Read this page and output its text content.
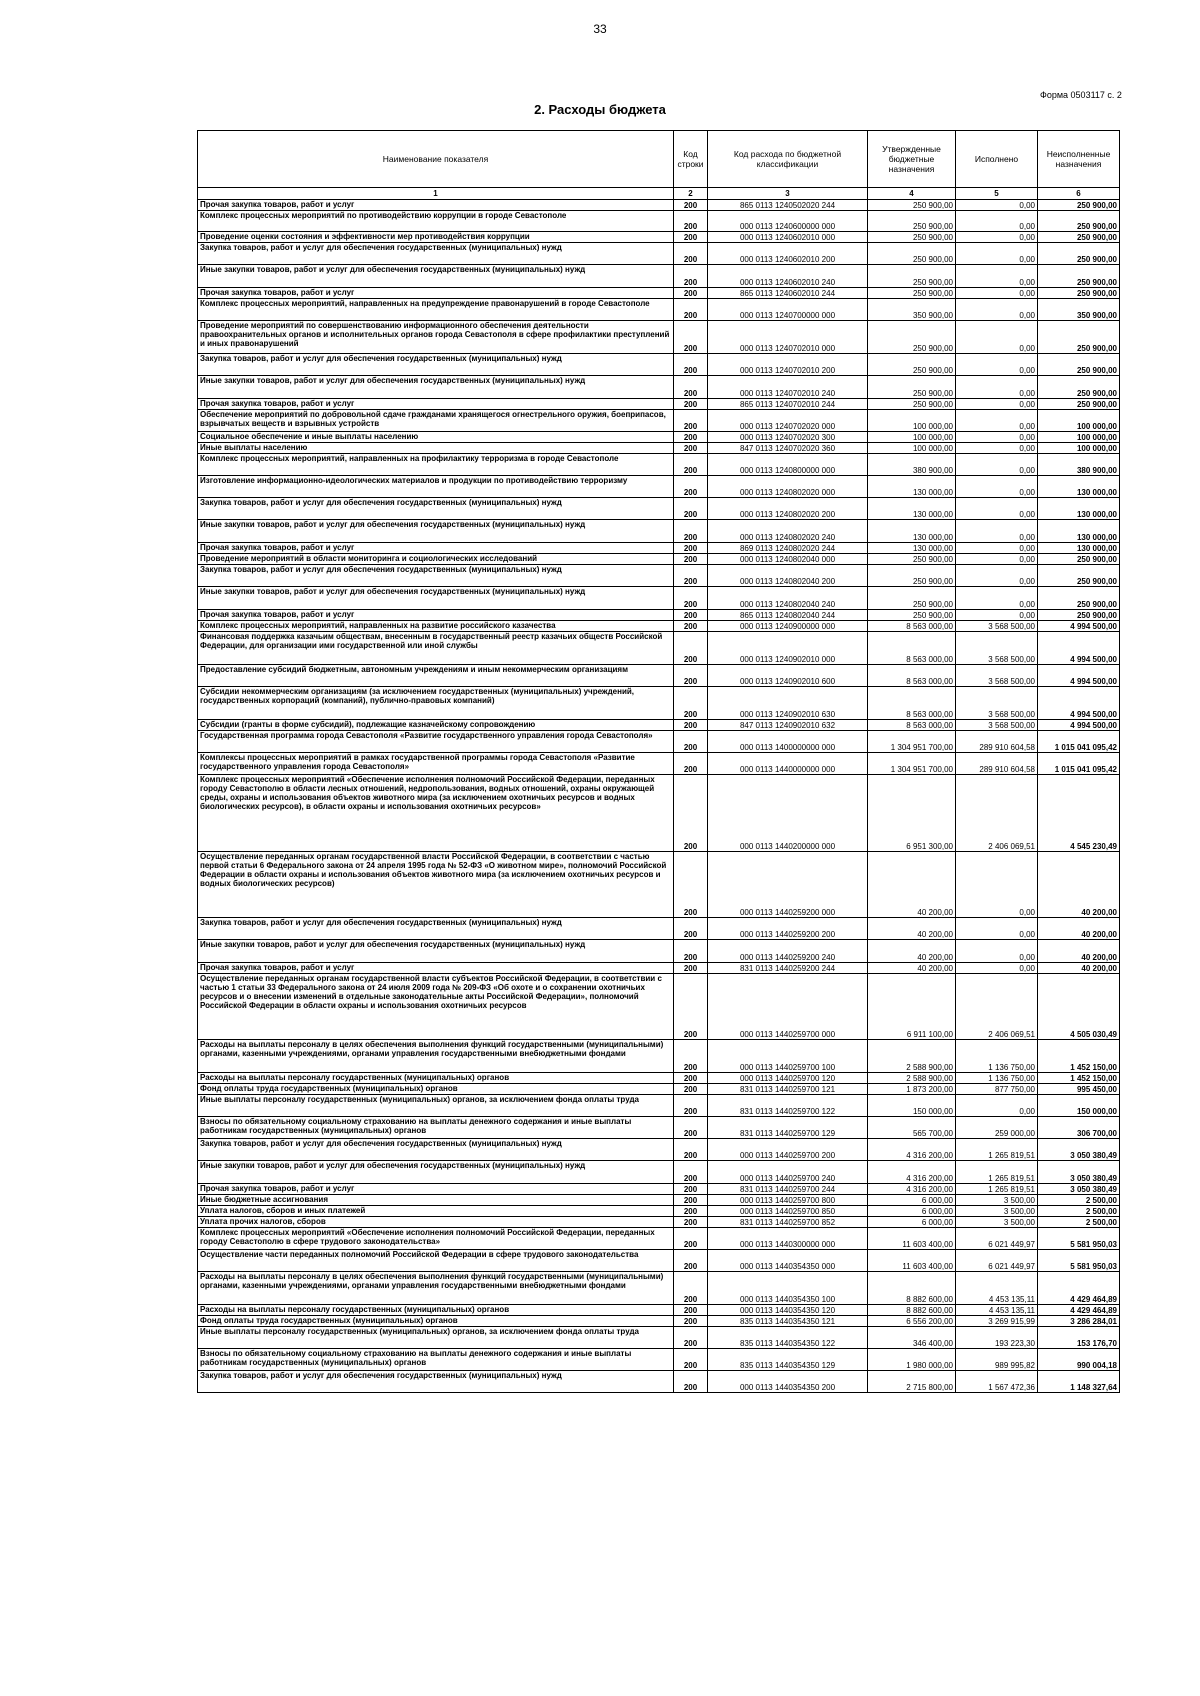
33
Форма 0503117 с. 2
2. Расходы бюджета
Наименование показателя	Код строки	Код расхода по бюджетной классификации	Утвержденные бюджетные назначения	Исполнено	Неисполненные назначения
1	2	3	4	5	6
Прочая закупка товаров, работ и услуг	200	865 0113 1240502020 244	250 900,00	0,00	250 900,00
Комплекс процессных мероприятий по противодействию коррупции в городе Севастополе	200	000 0113 1240600000 000	250 900,00	0,00	250 900,00
Проведение оценки состояния и эффективности мер противодействия коррупции	200	000 0113 1240602010 000	250 900,00	0,00	250 900,00
Закупка товаров, работ и услуг для обеспечения государственных (муниципальных) нужд	200	000 0113 1240602010 200	250 900,00	0,00	250 900,00
Иные закупки товаров, работ и услуг для обеспечения государственных (муниципальных) нужд	200	000 0113 1240602010 240	250 900,00	0,00	250 900,00
Прочая закупка товаров, работ и услуг	200	865 0113 1240602010 244	250 900,00	0,00	250 900,00
Комплекс процессных мероприятий, направленных на предупреждение правонарушений в городе Севастополе	200	000 0113 1240700000 000	350 900,00	0,00	350 900,00
Проведение мероприятий по совершенствованию информационного обеспечения деятельности правоохранительных органов и исполнительных органов города Севастополя в сфере профилактики преступлений и иных правонарушений	200	000 0113 1240702010 000	250 900,00	0,00	250 900,00
Закупка товаров, работ и услуг для обеспечения государственных (муниципальных) нужд	200	000 0113 1240702010 200	250 900,00	0,00	250 900,00
Иные закупки товаров, работ и услуг для обеспечения государственных (муниципальных) нужд	200	000 0113 1240702010 240	250 900,00	0,00	250 900,00
Прочая закупка товаров, работ и услуг	200	865 0113 1240702010 244	250 900,00	0,00	250 900,00
Обеспечение мероприятий по добровольной сдаче гражданами хранящегося огнестрельного оружия, боеприпасов, взрывчатых веществ и взрывных устройств	200	000 0113 1240702020 000	100 000,00	0,00	100 000,00
Социальное обеспечение и иные выплаты населению	200	000 0113 1240702020 300	100 000,00	0,00	100 000,00
Иные выплаты населению	200	847 0113 1240702020 360	100 000,00	0,00	100 000,00
Комплекс процессных мероприятий, направленных на профилактику терроризма в городе Севастополе	200	000 0113 1240800000 000	380 900,00	0,00	380 900,00
Изготовление информационно-идеологических материалов и продукции по противодействию терроризму	200	000 0113 1240802020 000	130 000,00	0,00	130 000,00
Закупка товаров, работ и услуг для обеспечения государственных (муниципальных) нужд	200	000 0113 1240802020 200	130 000,00	0,00	130 000,00
Иные закупки товаров, работ и услуг для обеспечения государственных (муниципальных) нужд	200	000 0113 1240802020 240	130 000,00	0,00	130 000,00
Прочая закупка товаров, работ и услуг	200	869 0113 1240802020 244	130 000,00	0,00	130 000,00
Проведение мероприятий в области мониторинга и социологических исследований	200	000 0113 1240802040 000	250 900,00	0,00	250 900,00
Закупка товаров, работ и услуг для обеспечения государственных (муниципальных) нужд	200	000 0113 1240802040 200	250 900,00	0,00	250 900,00
Иные закупки товаров, работ и услуг для обеспечения государственных (муниципальных) нужд	200	000 0113 1240802040 240	250 900,00	0,00	250 900,00
Прочая закупка товаров, работ и услуг	200	865 0113 1240802040 244	250 900,00	0,00	250 900,00
Комплекс процессных мероприятий, направленных на развитие российского казачества	200	000 0113 1240900000 000	8 563 000,00	3 568 500,00	4 994 500,00
Финансовая поддержка казачьим обществам, внесенным в государственный реестр казачьих обществ Российской Федерации, для организации ими государственной или иной службы	200	000 0113 1240902010 000	8 563 000,00	3 568 500,00	4 994 500,00
Предоставление субсидий бюджетным, автономным учреждениям и иным некоммерческим организациям	200	000 0113 1240902010 600	8 563 000,00	3 568 500,00	4 994 500,00
Субсидии некоммерческим организациям (за исключением государственных (муниципальных) учреждений, государственных корпораций (компаний), публично-правовых компаний)	200	000 0113 1240902010 630	8 563 000,00	3 568 500,00	4 994 500,00
Субсидии (гранты в форме субсидий), подлежащие казначейскому сопровождению	200	847 0113 1240902010 632	8 563 000,00	3 568 500,00	4 994 500,00
Государственная программа города Севастополя «Развитие государственного управления города Севастополя»	200	000 0113 1400000000 000	1 304 951 700,00	289 910 604,58	1 015 041 095,42
Комплексы процессных мероприятий в рамках государственной программы города Севастополя «Развитие государственного управления города Севастополя»	200	000 0113 1440000000 000	1 304 951 700,00	289 910 604,58	1 015 041 095,42
Комплекс процессных мероприятий «Обеспечение исполнения полномочий Российской Федерации, переданных городу Севастополю в области лесных отношений, недропользования, водных отношений, охраны окружающей среды, охраны и использования объектов животного мира (за исключением охотничьих ресурсов и водных биологических ресурсов), в области охраны и использования охотничьих ресурсов»	200	000 0113 1440200000 000	6 951 300,00	2 406 069,51	4 545 230,49
Осуществление переданных органам государственной власти Российской Федерации, в соответствии с частью первой статьи 6 Федерального закона от 24 апреля 1995 года № 52-ФЗ «О животном мире», полномочий Российской Федерации в области охраны и использования объектов животного мира (за исключением охотничьих ресурсов и водных биологических ресурсов)	200	000 0113 1440259200 000	40 200,00	0,00	40 200,00
Закупка товаров, работ и услуг для обеспечения государственных (муниципальных) нужд	200	000 0113 1440259200 200	40 200,00	0,00	40 200,00
Иные закупки товаров, работ и услуг для обеспечения государственных (муниципальных) нужд	200	000 0113 1440259200 240	40 200,00	0,00	40 200,00
Прочая закупка товаров, работ и услуг	200	831 0113 1440259200 244	40 200,00	0,00	40 200,00
Осуществление переданных органам государственной власти субъектов Российской Федерации, в соответствии с частью 1 статьи 33 Федерального закона от 24 июля 2009 года № 209-ФЗ «Об охоте и о сохранении охотничьих ресурсов и о внесении изменений в отдельные законодательные акты Российской Федерации», полномочий Российской Федерации в области охраны и использования охотничьих ресурсов	200	000 0113 1440259700 000	6 911 100,00	2 406 069,51	4 505 030,49
Расходы на выплаты персоналу в целях обеспечения выполнения функций государственными (муниципальными) органами, казенными учреждениями, органами управления государственными внебюджетными фондами	200	000 0113 1440259700 100	2 588 900,00	1 136 750,00	1 452 150,00
Расходы на выплаты персоналу государственных (муниципальных) органов	200	000 0113 1440259700 120	2 588 900,00	1 136 750,00	1 452 150,00
Фонд оплаты труда государственных (муниципальных) органов	200	831 0113 1440259700 121	1 873 200,00	877 750,00	995 450,00
Иные выплаты персоналу государственных (муниципальных) органов, за исключением фонда оплаты труда	200	831 0113 1440259700 122	150 000,00	0,00	150 000,00
Взносы по обязательному социальному страхованию на выплаты денежного содержания и иные выплаты работникам государственных (муниципальных) органов	200	831 0113 1440259700 129	565 700,00	259 000,00	306 700,00
Закупка товаров, работ и услуг для обеспечения государственных (муниципальных) нужд	200	000 0113 1440259700 200	4 316 200,00	1 265 819,51	3 050 380,49
Иные закупки товаров, работ и услуг для обеспечения государственных (муниципальных) нужд	200	000 0113 1440259700 240	4 316 200,00	1 265 819,51	3 050 380,49
Прочая закупка товаров, работ и услуг	200	831 0113 1440259700 244	4 316 200,00	1 265 819,51	3 050 380,49
Иные бюджетные ассигнования	200	000 0113 1440259700 800	6 000,00	3 500,00	2 500,00
Уплата налогов, сборов и иных платежей	200	000 0113 1440259700 850	6 000,00	3 500,00	2 500,00
Уплата прочих налогов, сборов	200	831 0113 1440259700 852	6 000,00	3 500,00	2 500,00
Комплекс процессных мероприятий «Обеспечение исполнения полномочий Российской Федерации, переданных городу Севастополю в сфере трудового законодательства»	200	000 0113 1440300000 000	11 603 400,00	6 021 449,97	5 581 950,03
Осуществление части переданных полномочий Российской Федерации в сфере трудового законодательства	200	000 0113 1440354350 000	11 603 400,00	6 021 449,97	5 581 950,03
Расходы на выплаты персоналу в целях обеспечения выполнения функций государственными (муниципальными) органами, казенными учреждениями, органами управления государственными внебюджетными фондами	200	000 0113 1440354350 100	8 882 600,00	4 453 135,11	4 429 464,89
Расходы на выплаты персоналу государственных (муниципальных) органов	200	000 0113 1440354350 120	8 882 600,00	4 453 135,11	4 429 464,89
Фонд оплаты труда государственных (муниципальных) органов	200	835 0113 1440354350 121	6 556 200,00	3 269 915,99	3 286 284,01
Иные выплаты персоналу государственных (муниципальных) органов, за исключением фонда оплаты труда	200	835 0113 1440354350 122	346 400,00	193 223,30	153 176,70
Взносы по обязательному социальному страхованию на выплаты денежного содержания и иные выплаты работникам государственных (муниципальных) органов	200	835 0113 1440354350 129	1 980 000,00	989 995,82	990 004,18
Закупка товаров, работ и услуг для обеспечения государственных (муниципальных) нужд	200	000 0113 1440354350 200	2 715 800,00	1 567 472,36	1 148 327,64
